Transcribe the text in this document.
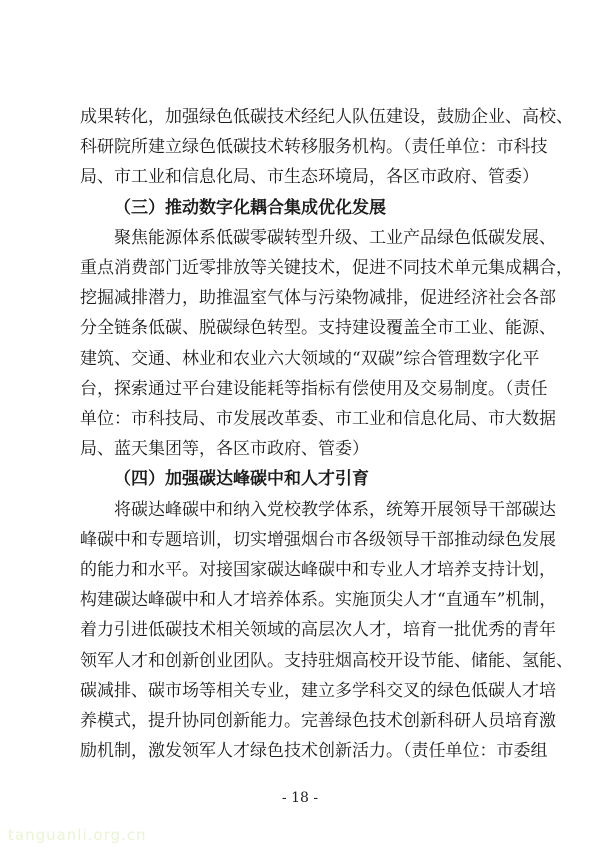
成果转化，加强绿色低碳技术经纪人队伍建设，鼓励企业、高校、
科研院所建立绿色低碳技术转移服务机构。（责任单位：市科技
局、市工业和信息化局、市生态环境局，各区市政府、管委）
（三）推动数字化耦合集成优化发展
聚焦能源体系低碳零碳转型升级、工业产品绿色低碳发展、
重点消费部门近零排放等关键技术，促进不同技术单元集成耦合，
挖掘减排潜力，助推温室气体与污染物减排，促进经济社会各部
分全链条低碳、脱碳绿色转型。支持建设覆盖全市工业、能源、
建筑、交通、林业和农业六大领域的“双碳”综合管理数字化平
台，探索通过平台建设能耗等指标有偿使用及交易制度。（责任
单位：市科技局、市发展改革委、市工业和信息化局、市大数据
局、蓝天集团等，各区市政府、管委）
（四）加强碳达峰碳中和人才引育
将碳达峰碳中和纳入党校教学体系，统筹开展领导干部碳达
峰碳中和专题培训，切实增强烟台市各级领导干部推动绿色发展
的能力和水平。对接国家碳达峰碳中和专业人才培养支持计划，
构建碳达峰碳中和人才培养体系。实施顶尖人才“直通车”机制，
着力引进低碳技术相关领域的高层次人才，培育一批优秀的青年
领军人才和创新创业团队。支持驻烟高校开设节能、储能、氢能、
碳减排、碳市场等相关专业，建立多学科交叉的绿色低碳人才培
养模式，提升协同创新能力。完善绿色技术创新科研人员培育激
励机制，激发领军人才绿色技术创新活力。（责任单位：市委组
- 18 -
tanguanli.org.cn
